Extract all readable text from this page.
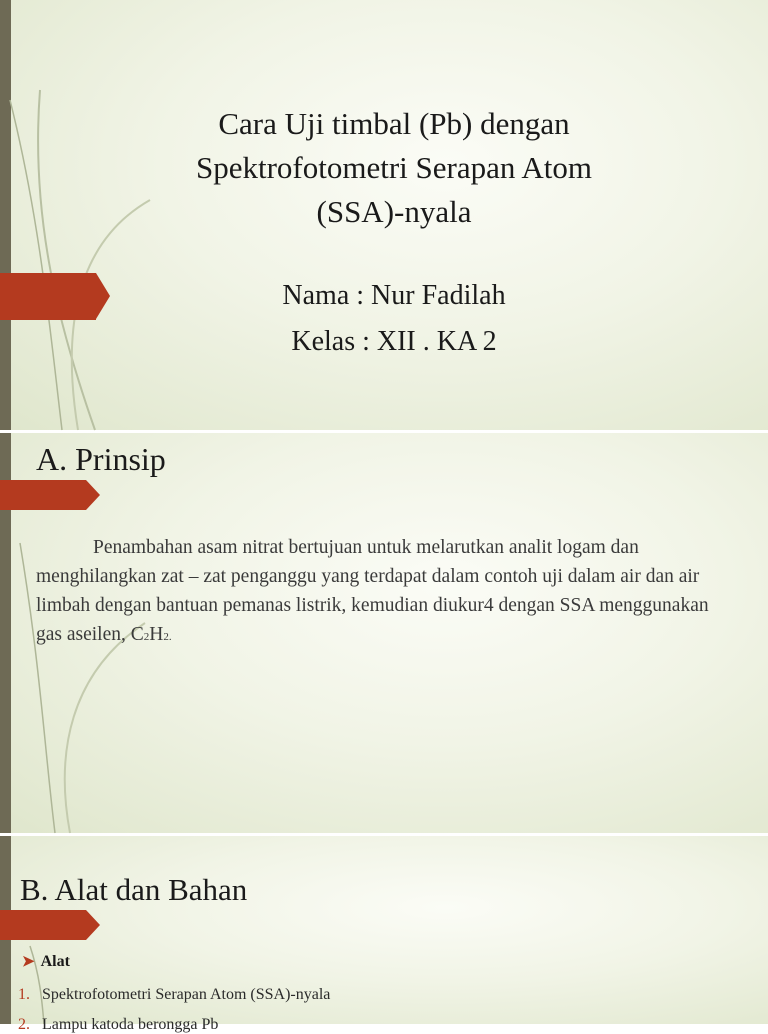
Cara Uji timbal (Pb) dengan
Spektrofotometri Serapan Atom
(SSA)-nyala
Nama : Nur Fadilah
Kelas : XII . KA 2
A. Prinsip

Penambahan asam nitrat bertujuan untuk melarutkan analit logam dan menghilangkan zat – zat penganggu yang terdapat dalam contoh uji dalam air dan air limbah dengan bantuan pemanas listrik, kemudian diukur4 dengan SSA menggunakan gas aseilen, C2H2.

B. Alat dan Bahan
➤ Alat
1. Spektrofotometri Serapan Atom (SSA)-nyala
2. Lampu katoda berongga Pb
